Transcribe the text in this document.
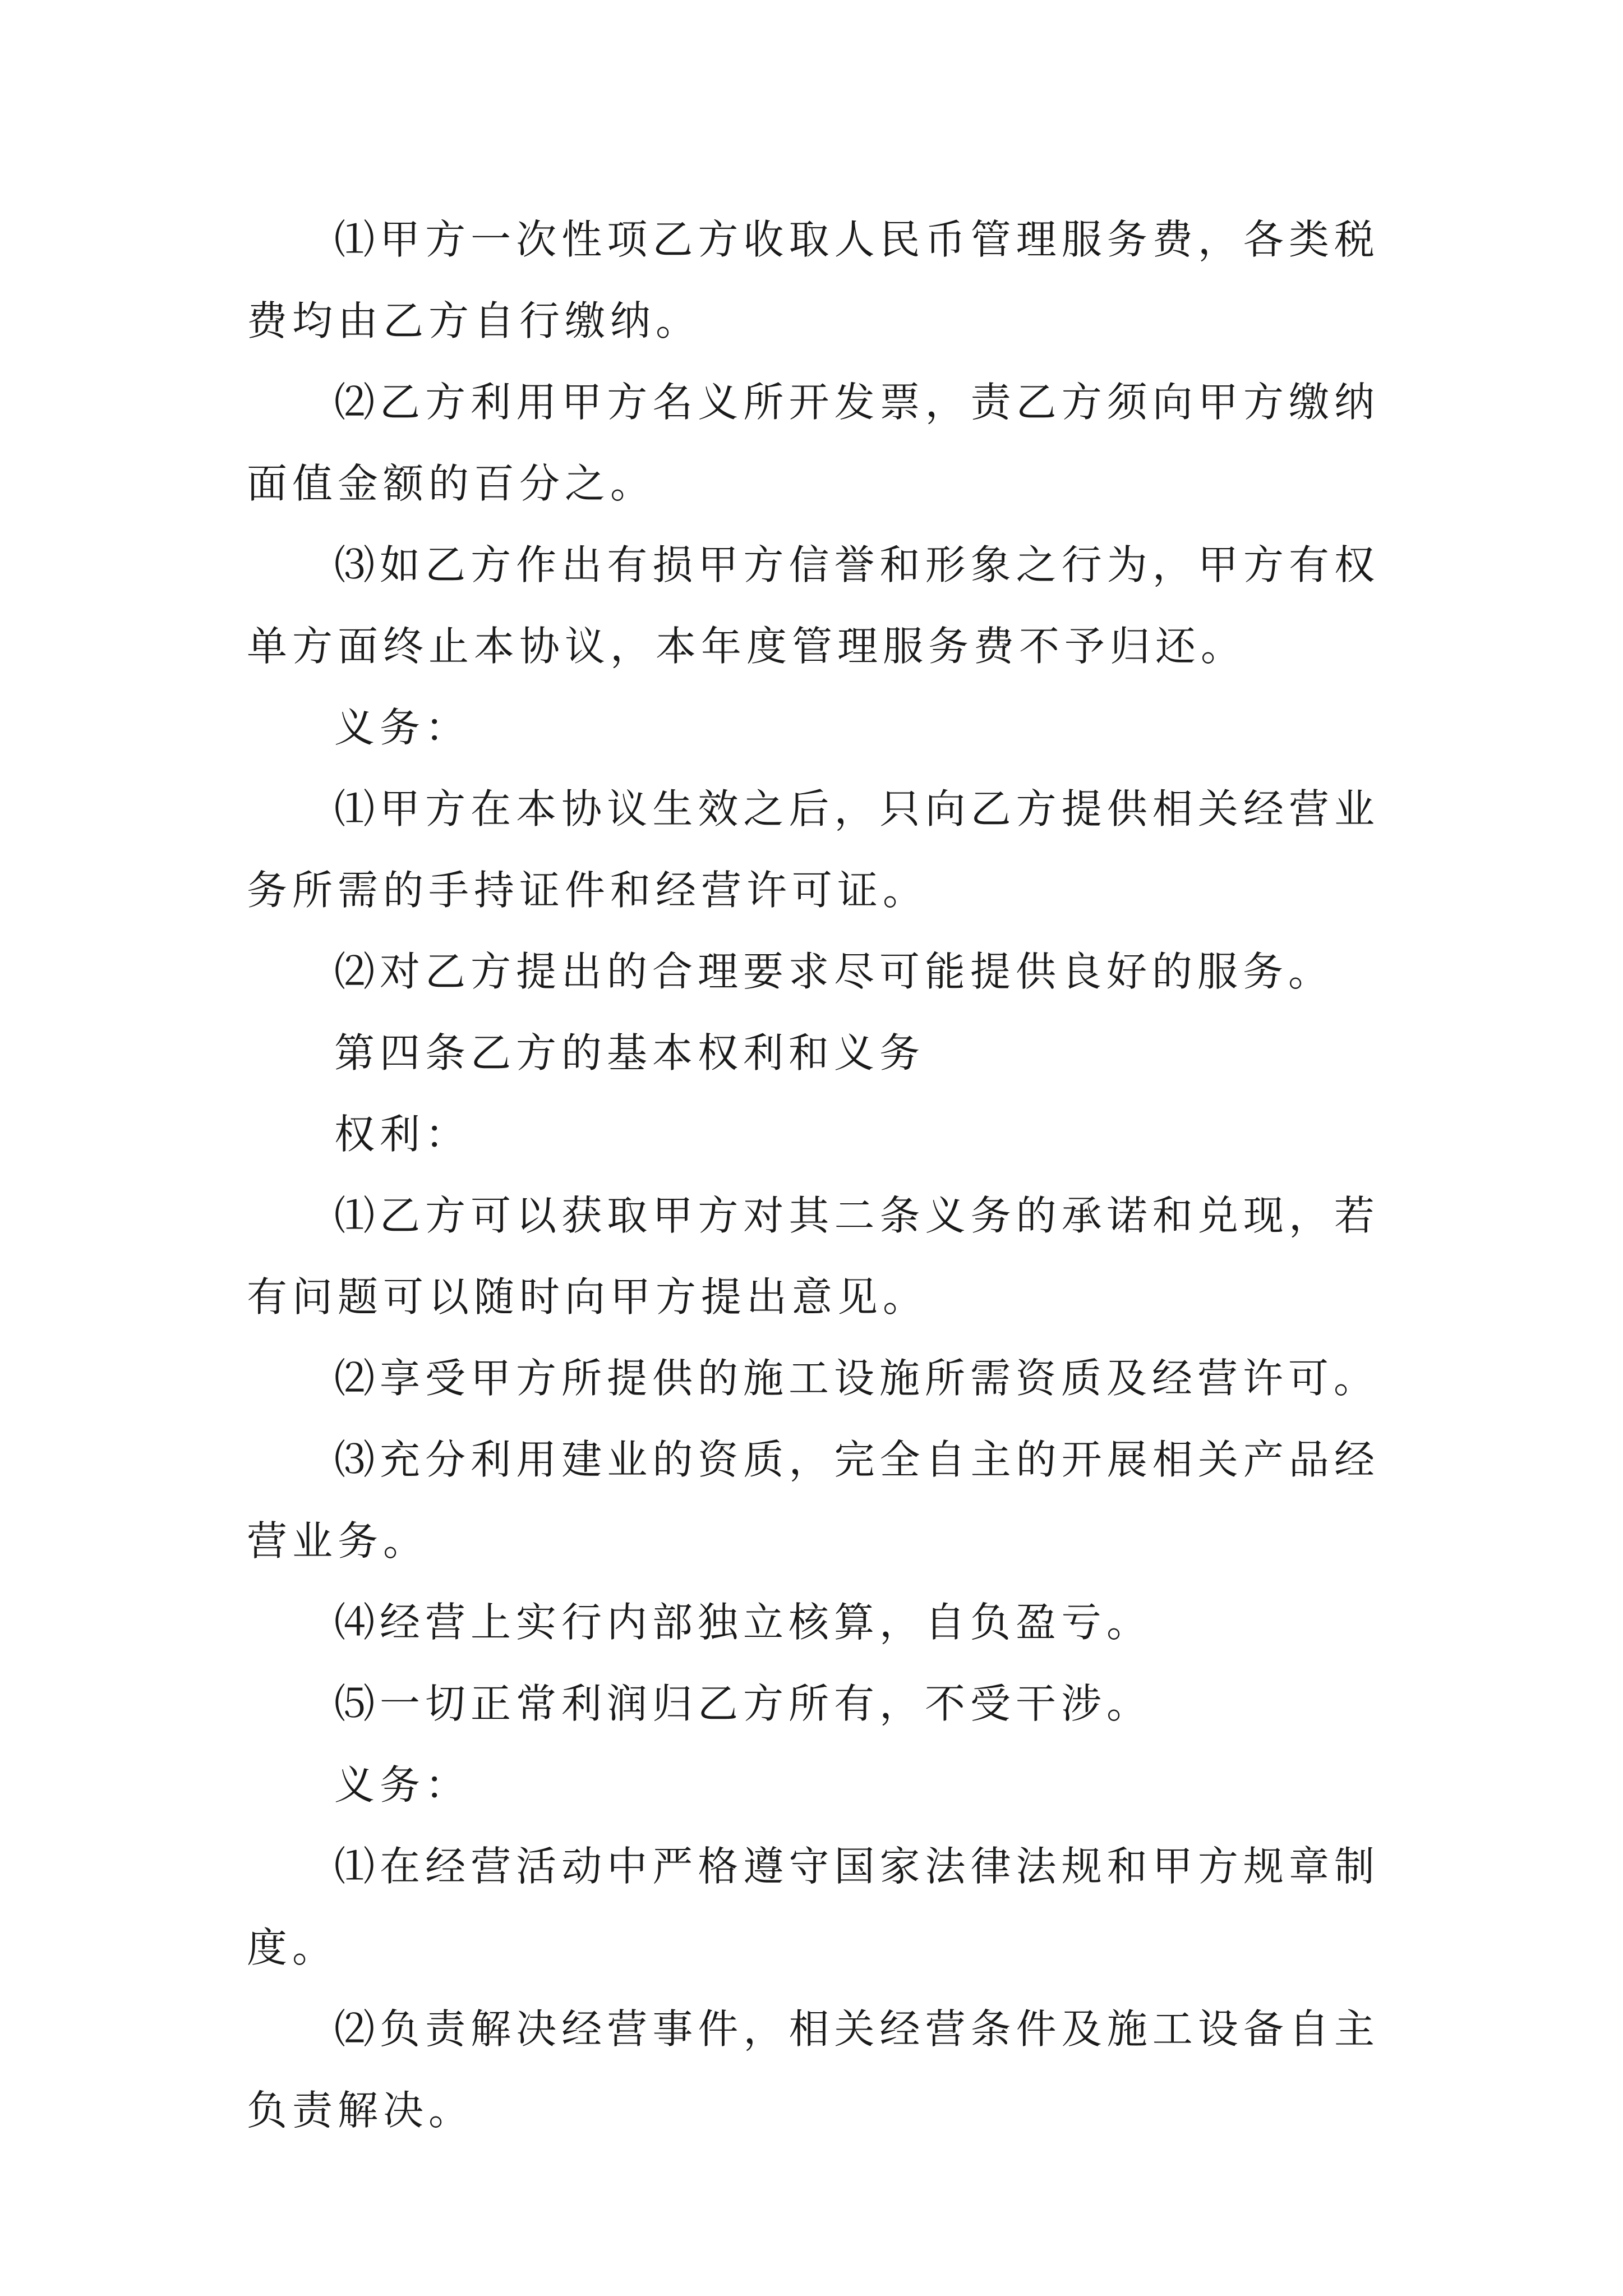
⑴甲方一次性项乙方收取人民币管理服务费，各类税费均由乙方自行缴纳。

⑵乙方利用甲方名义所开发票，责乙方须向甲方缴纳面值金额的百分之。

⑶如乙方作出有损甲方信誉和形象之行为，甲方有权单方面终止本协议，本年度管理服务费不予归还。

义务：

⑴甲方在本协议生效之后，只向乙方提供相关经营业务所需的手持证件和经营许可证。

⑵对乙方提出的合理要求尽可能提供良好的服务。

第四条乙方的基本权利和义务

权利：

⑴乙方可以获取甲方对其二条义务的承诺和兑现，若有问题可以随时向甲方提出意见。

⑵享受甲方所提供的施工设施所需资质及经营许可。

⑶充分利用建业的资质，完全自主的开展相关产品经营业务。

⑷经营上实行内部独立核算，自负盈亏。

⑸一切正常利润归乙方所有，不受干涉。

义务：

⑴在经营活动中严格遵守国家法律法规和甲方规章制度。

⑵负责解决经营事件，相关经营条件及施工设备自主负责解决。
